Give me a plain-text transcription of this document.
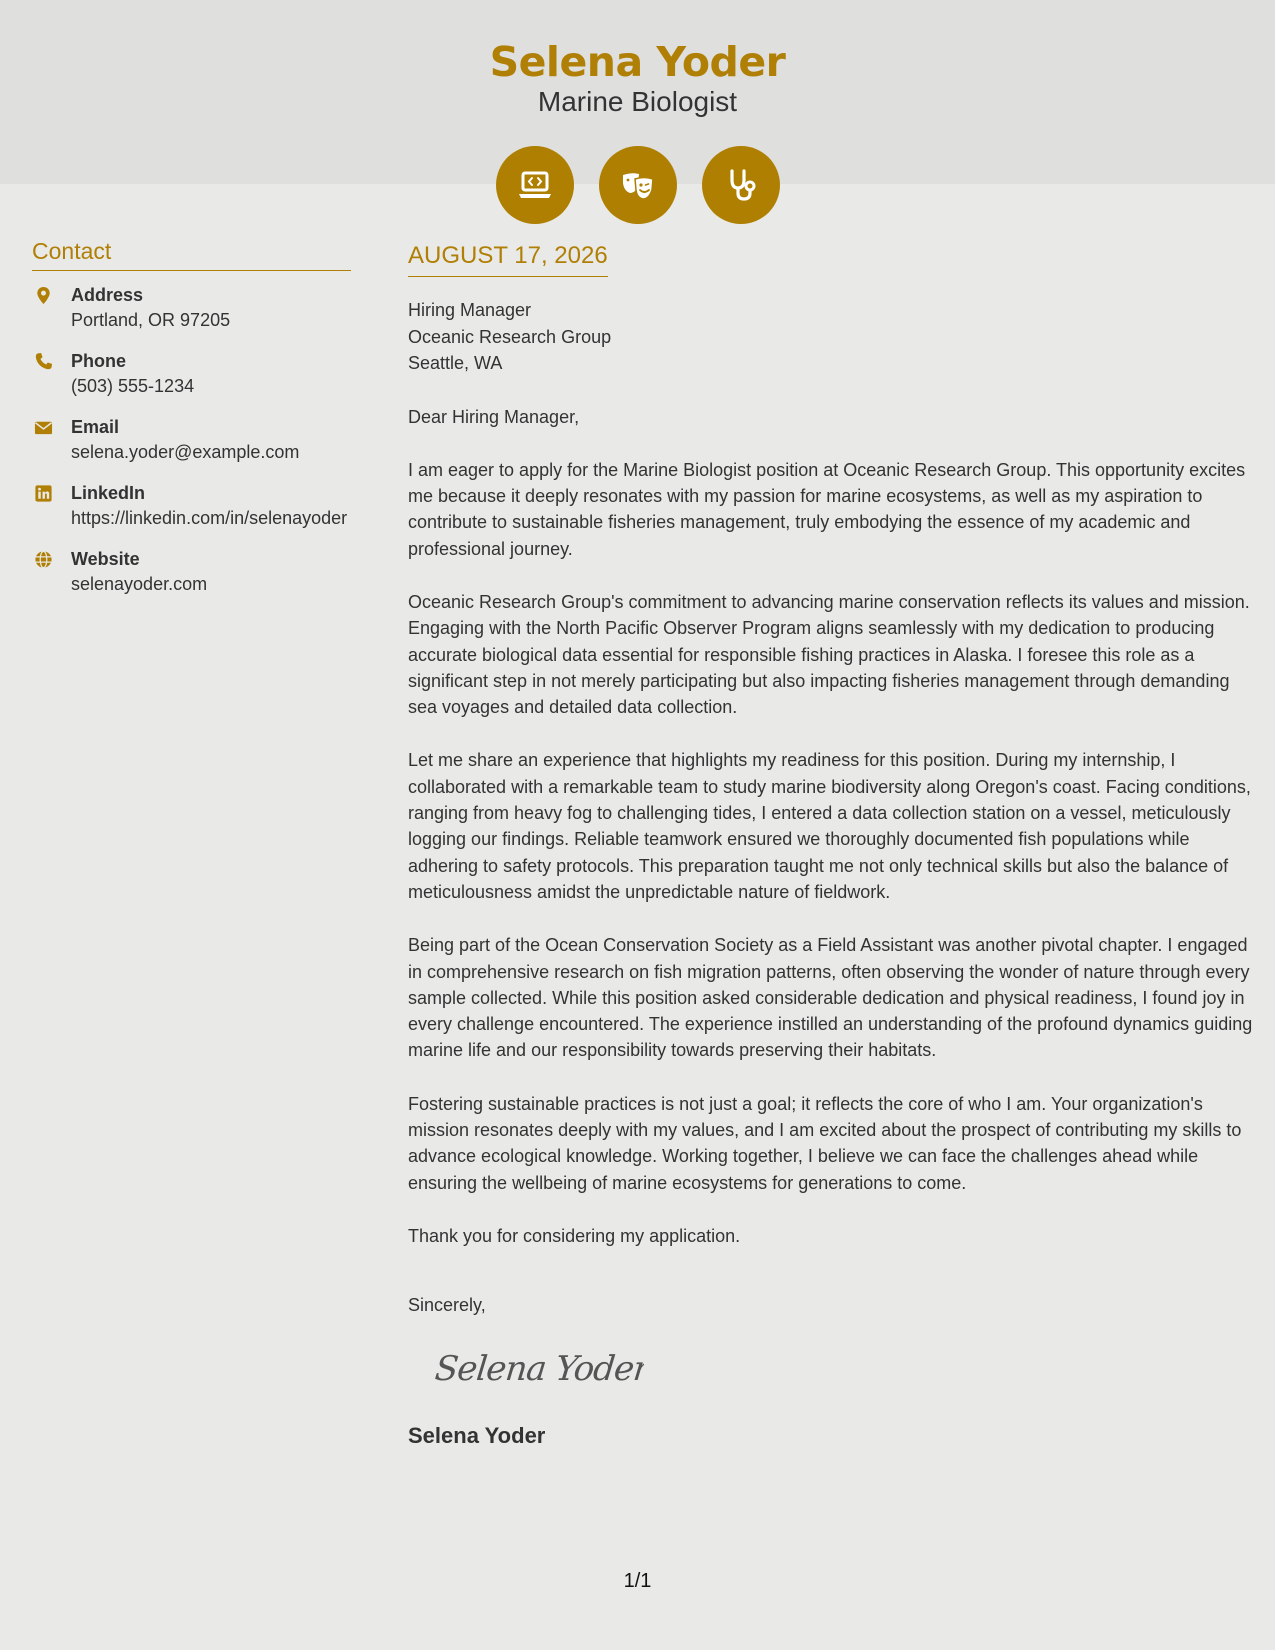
Selena Yoder
Marine Biologist
Contact
Address
Portland, OR 97205
Phone
(503) 555-1234
Email
selena.yoder@example.com
LinkedIn
https://linkedin.com/in/selenayoder
Website
selenayoder.com
AUGUST 17, 2026
Hiring Manager
Oceanic Research Group
Seattle, WA

Dear Hiring Manager,

I am eager to apply for the Marine Biologist position at Oceanic Research Group. This opportunity excites me because it deeply resonates with my passion for marine ecosystems, as well as my aspiration to contribute to sustainable fisheries management, truly embodying the essence of my academic and professional journey.

Oceanic Research Group's commitment to advancing marine conservation reflects its values and mission. Engaging with the North Pacific Observer Program aligns seamlessly with my dedication to producing accurate biological data essential for responsible fishing practices in Alaska. I foresee this role as a significant step in not merely participating but also impacting fisheries management through demanding sea voyages and detailed data collection.

Let me share an experience that highlights my readiness for this position. During my internship, I collaborated with a remarkable team to study marine biodiversity along Oregon's coast. Facing conditions, ranging from heavy fog to challenging tides, I entered a data collection station on a vessel, meticulously logging our findings. Reliable teamwork ensured we thoroughly documented fish populations while adhering to safety protocols. This preparation taught me not only technical skills but also the balance of meticulousness amidst the unpredictable nature of fieldwork.

Being part of the Ocean Conservation Society as a Field Assistant was another pivotal chapter. I engaged in comprehensive research on fish migration patterns, often observing the wonder of nature through every sample collected. While this position asked considerable dedication and physical readiness, I found joy in every challenge encountered. The experience instilled an understanding of the profound dynamics guiding marine life and our responsibility towards preserving their habitats.

Fostering sustainable practices is not just a goal; it reflects the core of who I am. Your organization's mission resonates deeply with my values, and I am excited about the prospect of contributing my skills to advance ecological knowledge. Working together, I believe we can face the challenges ahead while ensuring the wellbeing of marine ecosystems for generations to come.

Thank you for considering my application.

Sincerely,

Selena Yoder
Selena Yoder
1/1
